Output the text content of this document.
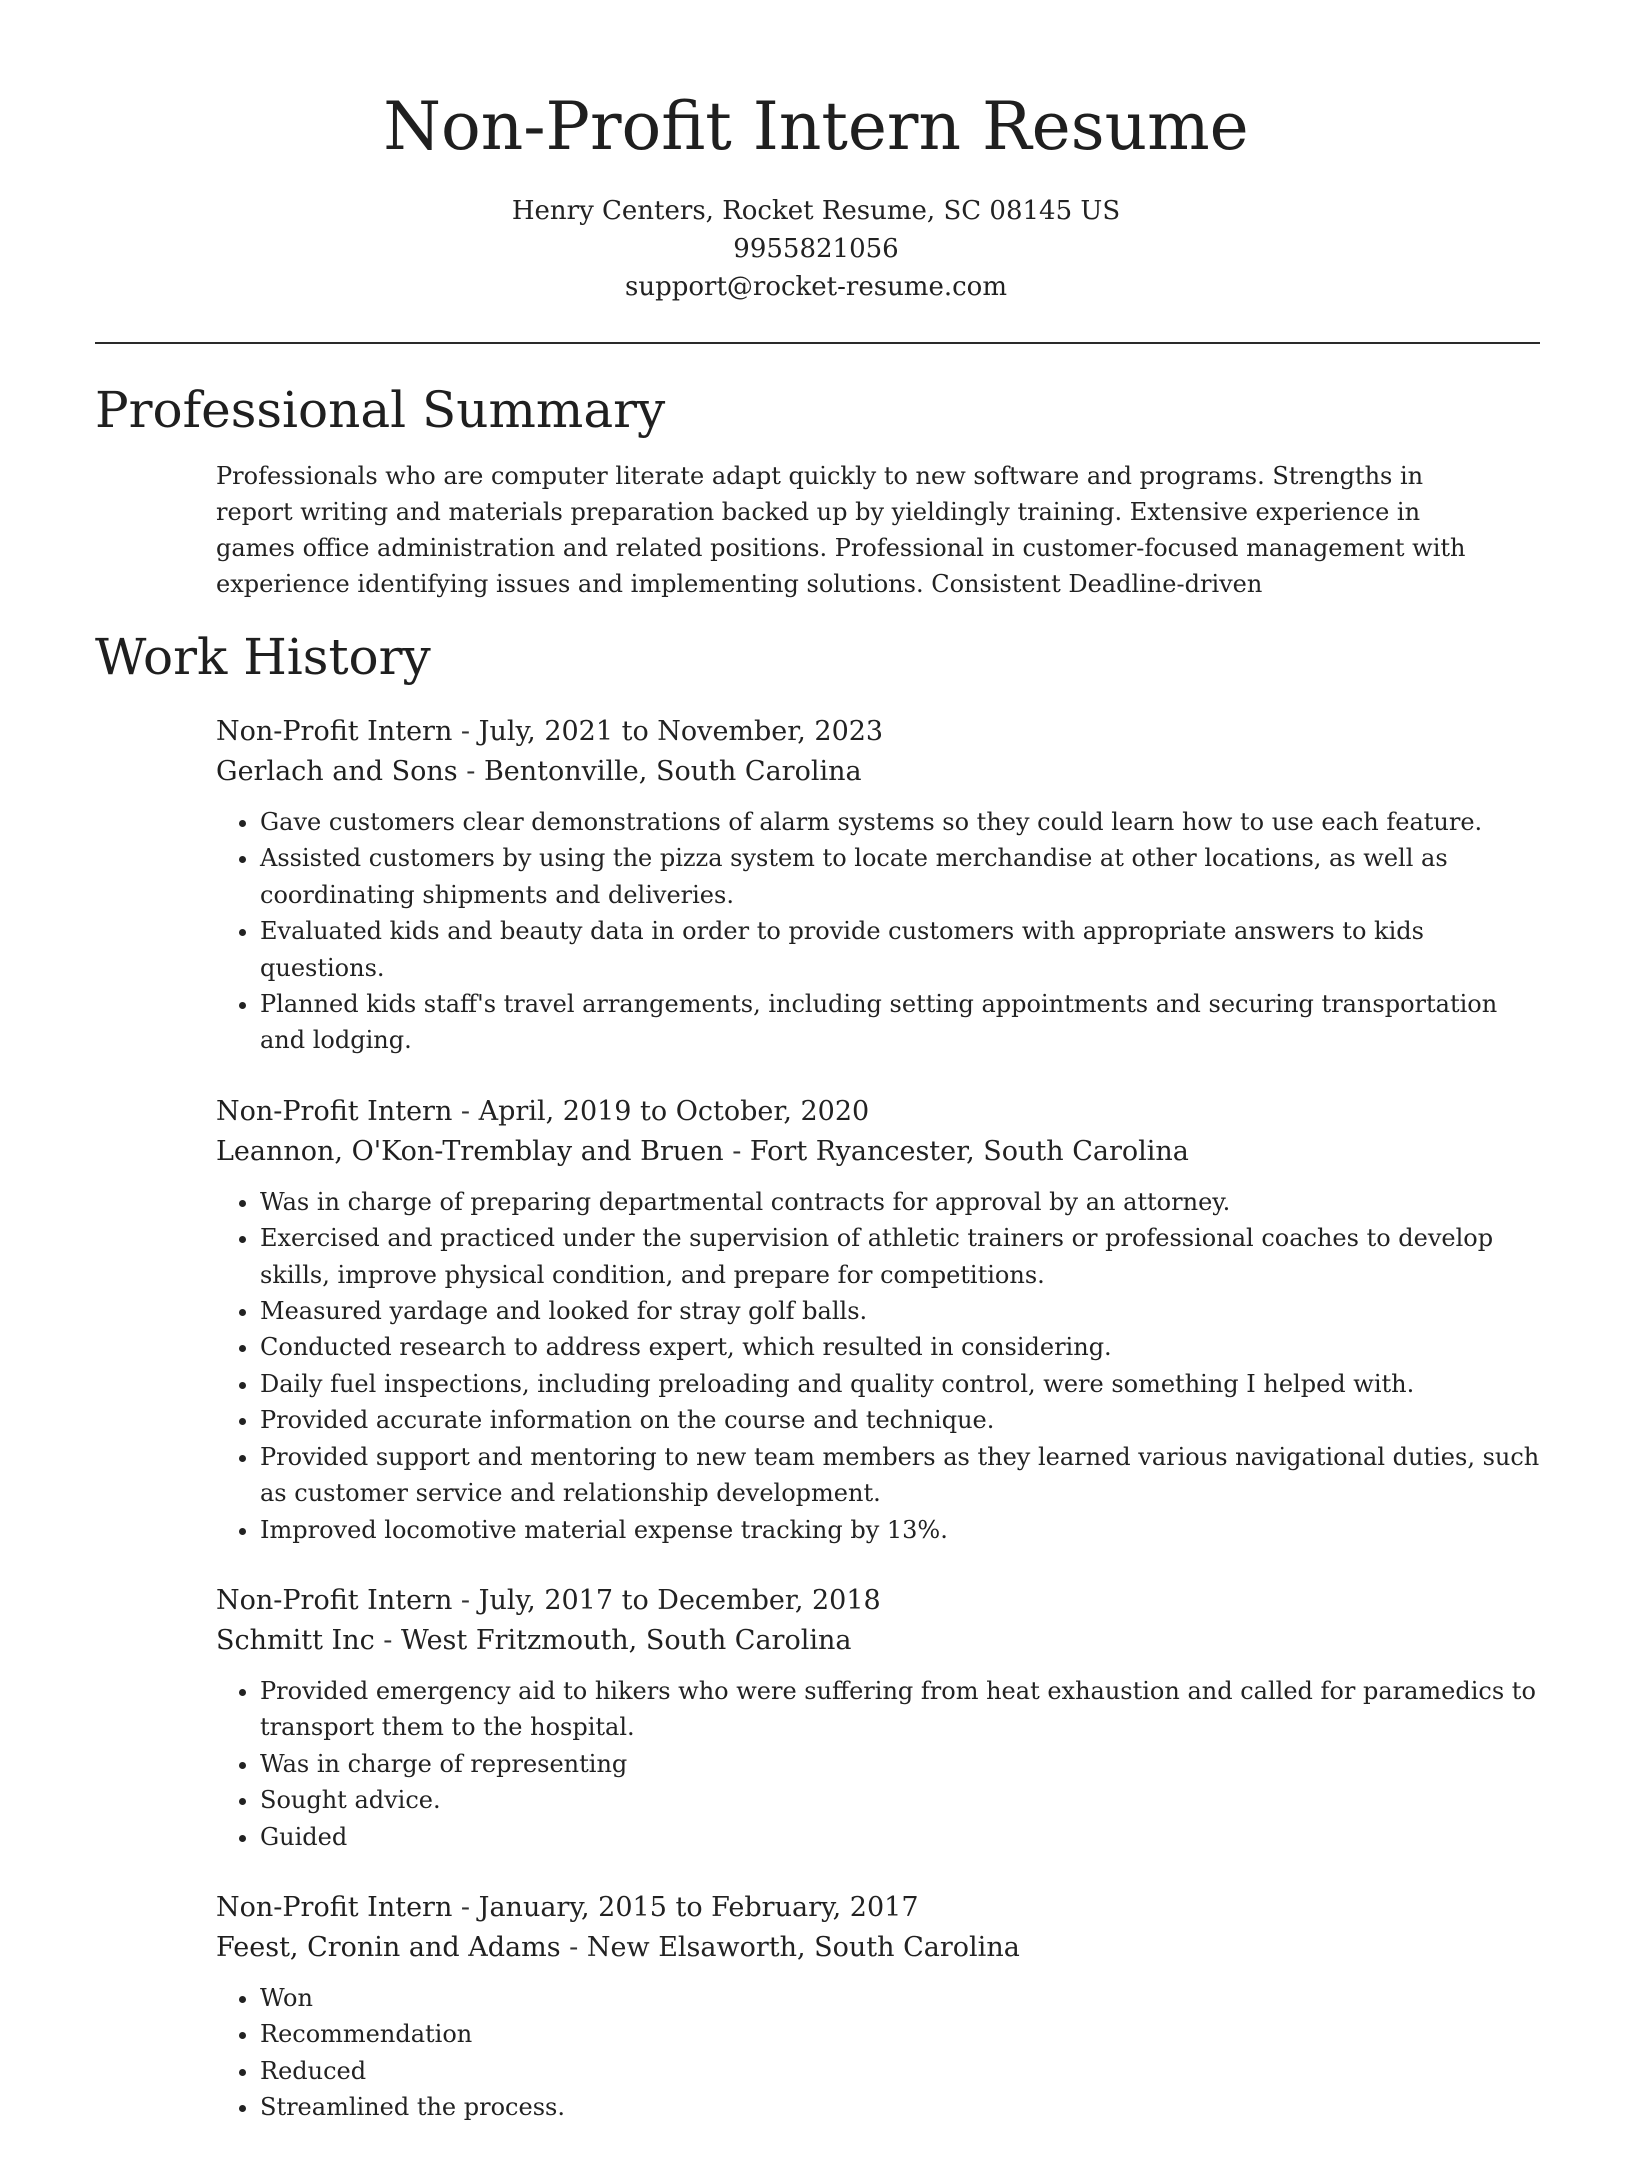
Non-Profit Intern Resume
Henry Centers, Rocket Resume, SC 08145 US
9955821056
support@rocket-resume.com
Professional Summary

Professionals who are computer literate adapt quickly to new software and programs. Strengths in report writing and materials preparation backed up by yieldingly training. Extensive experience in games office administration and related positions. Professional in customer-focused management with experience identifying issues and implementing solutions. Consistent Deadline-driven

Work History
Non-Profit Intern - July, 2021 to November, 2023
Gerlach and Sons - Bentonville, South Carolina
• Gave customers clear demonstrations of alarm systems so they could learn how to use each feature.
• Assisted customers by using the pizza system to locate merchandise at other locations, as well as coordinating shipments and deliveries.
• Evaluated kids and beauty data in order to provide customers with appropriate answers to kids questions.
• Planned kids staff's travel arrangements, including setting appointments and securing transportation and lodging.
Non-Profit Intern - April, 2019 to October, 2020
Leannon, O'Kon-Tremblay and Bruen - Fort Ryancester, South Carolina
• Was in charge of preparing departmental contracts for approval by an attorney.
• Exercised and practiced under the supervision of athletic trainers or professional coaches to develop skills, improve physical condition, and prepare for competitions.
• Measured yardage and looked for stray golf balls.
• Conducted research to address expert, which resulted in considering.
• Daily fuel inspections, including preloading and quality control, were something I helped with.
• Provided accurate information on the course and technique.
• Provided support and mentoring to new team members as they learned various navigational duties, such as customer service and relationship development.
• Improved locomotive material expense tracking by 13%.
Non-Profit Intern - July, 2017 to December, 2018
Schmitt Inc - West Fritzmouth, South Carolina
• Provided emergency aid to hikers who were suffering from heat exhaustion and called for paramedics to transport them to the hospital.
• Was in charge of representing
• Sought advice.
• Guided
Non-Profit Intern - January, 2015 to February, 2017
Feest, Cronin and Adams - New Elsaworth, South Carolina
• Won
• Recommendation
• Reduced
• Streamlined the process.
